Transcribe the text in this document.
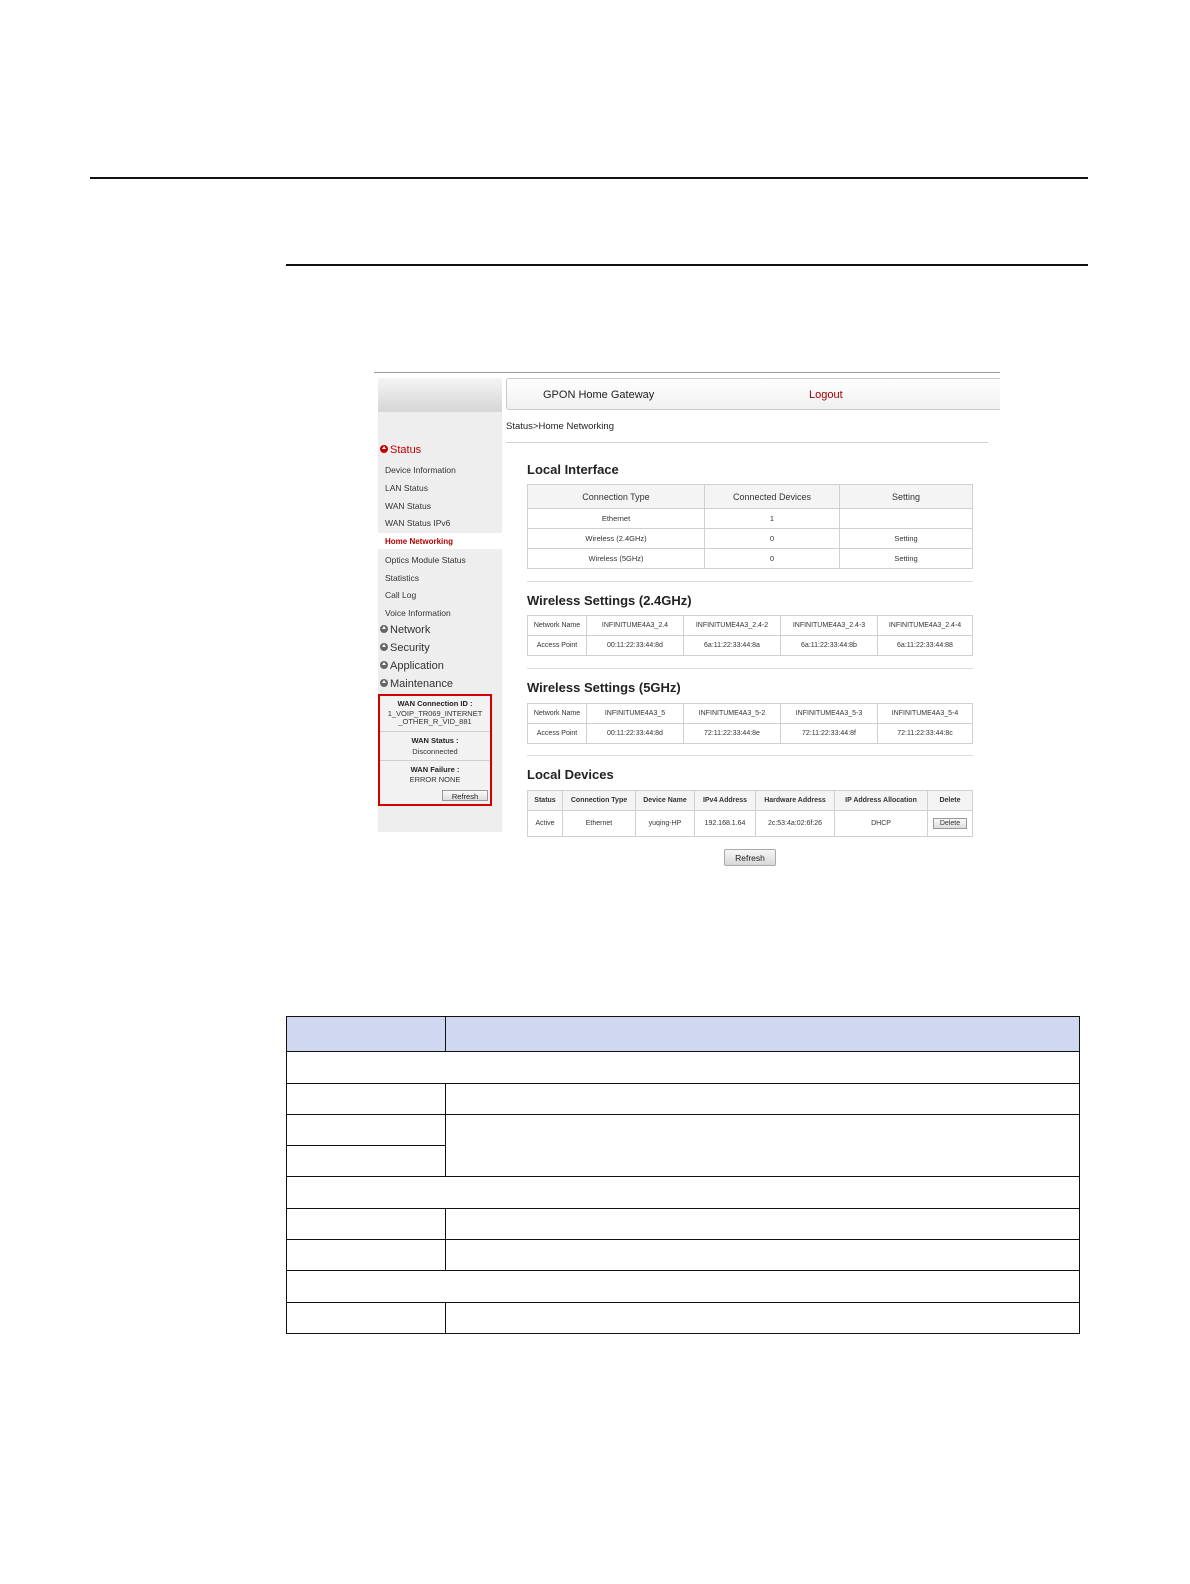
Status
Device Information
LAN Status
WAN Status
WAN Status IPv6
Home Networking
Optics Module Status
Statistics
Call Log
Voice Information
Network
Security
Application
Maintenance
WAN Connection ID :
1_VOIP_TR069_INTERNET
_OTHER_R_VID_881
WAN Status :
Disconnected
WAN Failure :
ERROR NONE
Refresh
GPON Home Gateway	Logout
Status>Home Networking
Local Interface
Connection Type	Connected Devices	Setting
Ethernet	1	
Wireless (2.4GHz)	0	Setting
Wireless (5GHz)	0	Setting
Wireless Settings (2.4GHz)
Network Name	INFINITUME4A3_2.4	INFINITUME4A3_2.4-2	INFINITUME4A3_2.4-3	INFINITUME4A3_2.4-4
Access Point	00:11:22:33:44:8d	6a:11:22:33:44:8a	6a:11:22:33:44:8b	6a:11:22:33:44:88
Wireless Settings (5GHz)
Network Name	INFINITUME4A3_5	INFINITUME4A3_5-2	INFINITUME4A3_5-3	INFINITUME4A3_5-4
Access Point	00:11:22:33:44:8d	72:11:22:33:44:8e	72:11:22:33:44:8f	72:11:22:33:44:8c
Local Devices
Status	Connection Type	Device Name	IPv4 Address	Hardware Address	IP Address Allocation	Delete
Active	Ethernet	yuqing-HP	192.168.1.64	2c:53:4a:02:6f:26	DHCP	Delete
Refresh
